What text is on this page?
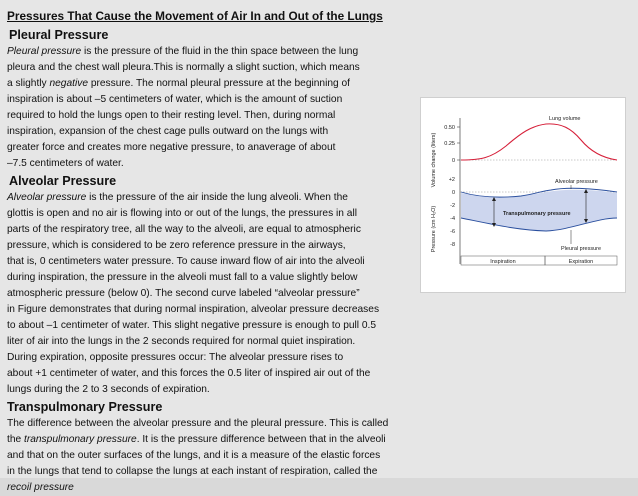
Pressures That Cause the Movement of Air In and Out of the Lungs
Pleural Pressure
Pleural pressure is the pressure of the fluid in the thin space between the lung
pleura and the chest wall pleura.This is normally a slight suction, which means
a slightly negative pressure. The normal pleural pressure at the beginning of
inspiration is about –5 centimeters of water, which is the amount of suction
required to hold the lungs open to their resting level. Then, during normal
inspiration, expansion of the chest cage pulls outward on the lungs with
greater force and creates more negative pressure, to anaverage of about
–7.5 centimeters of water.
Alveolar Pressure
Alveolar pressure is the pressure of the air inside the lung alveoli. When the
glottis is open and no air is flowing into or out of the lungs, the pressures in all
parts of the respiratory tree, all the way to the alveoli, are equal to atmospheric
pressure, which is considered to be zero reference pressure in the airways,
that is, 0 centimeters water pressure. To cause inward flow of air into the alveoli
during inspiration, the pressure in the alveoli must fall to a value slightly below
atmospheric pressure (below 0). The second curve labeled “alveolar pressure”
in Figure demonstrates that during normal inspiration, alveolar pressure decreases
to about –1 centimeter of water. This slight negative pressure is enough to pull 0.5
liter of air into the lungs in the 2 seconds required for normal quiet inspiration.
During expiration, opposite pressures occur: The alveolar pressure rises to
about +1 centimeter of water, and this forces the 0.5 liter of inspired air out of the
lungs during the 2 to 3 seconds of expiration.
Transpulmonary Pressure
The difference between the alveolar pressure and the pleural pressure. This is called
the transpulmonary pressure. It is the pressure difference between that in the alveoli
and that on the outer surfaces of the lungs, and it is a measure of the elastic forces
in the lungs that tend to collapse the lungs at each instant of respiration, called the
recoil pressure
Volume change (liters)
Pressure (cm H₂O)
0.50
0.25
0
+2
0
-2
-4
-6
-8
Lung volume
Alveolar pressure
Pleural pressure
Transpulmonary pressure
Inspiration	Expiration
